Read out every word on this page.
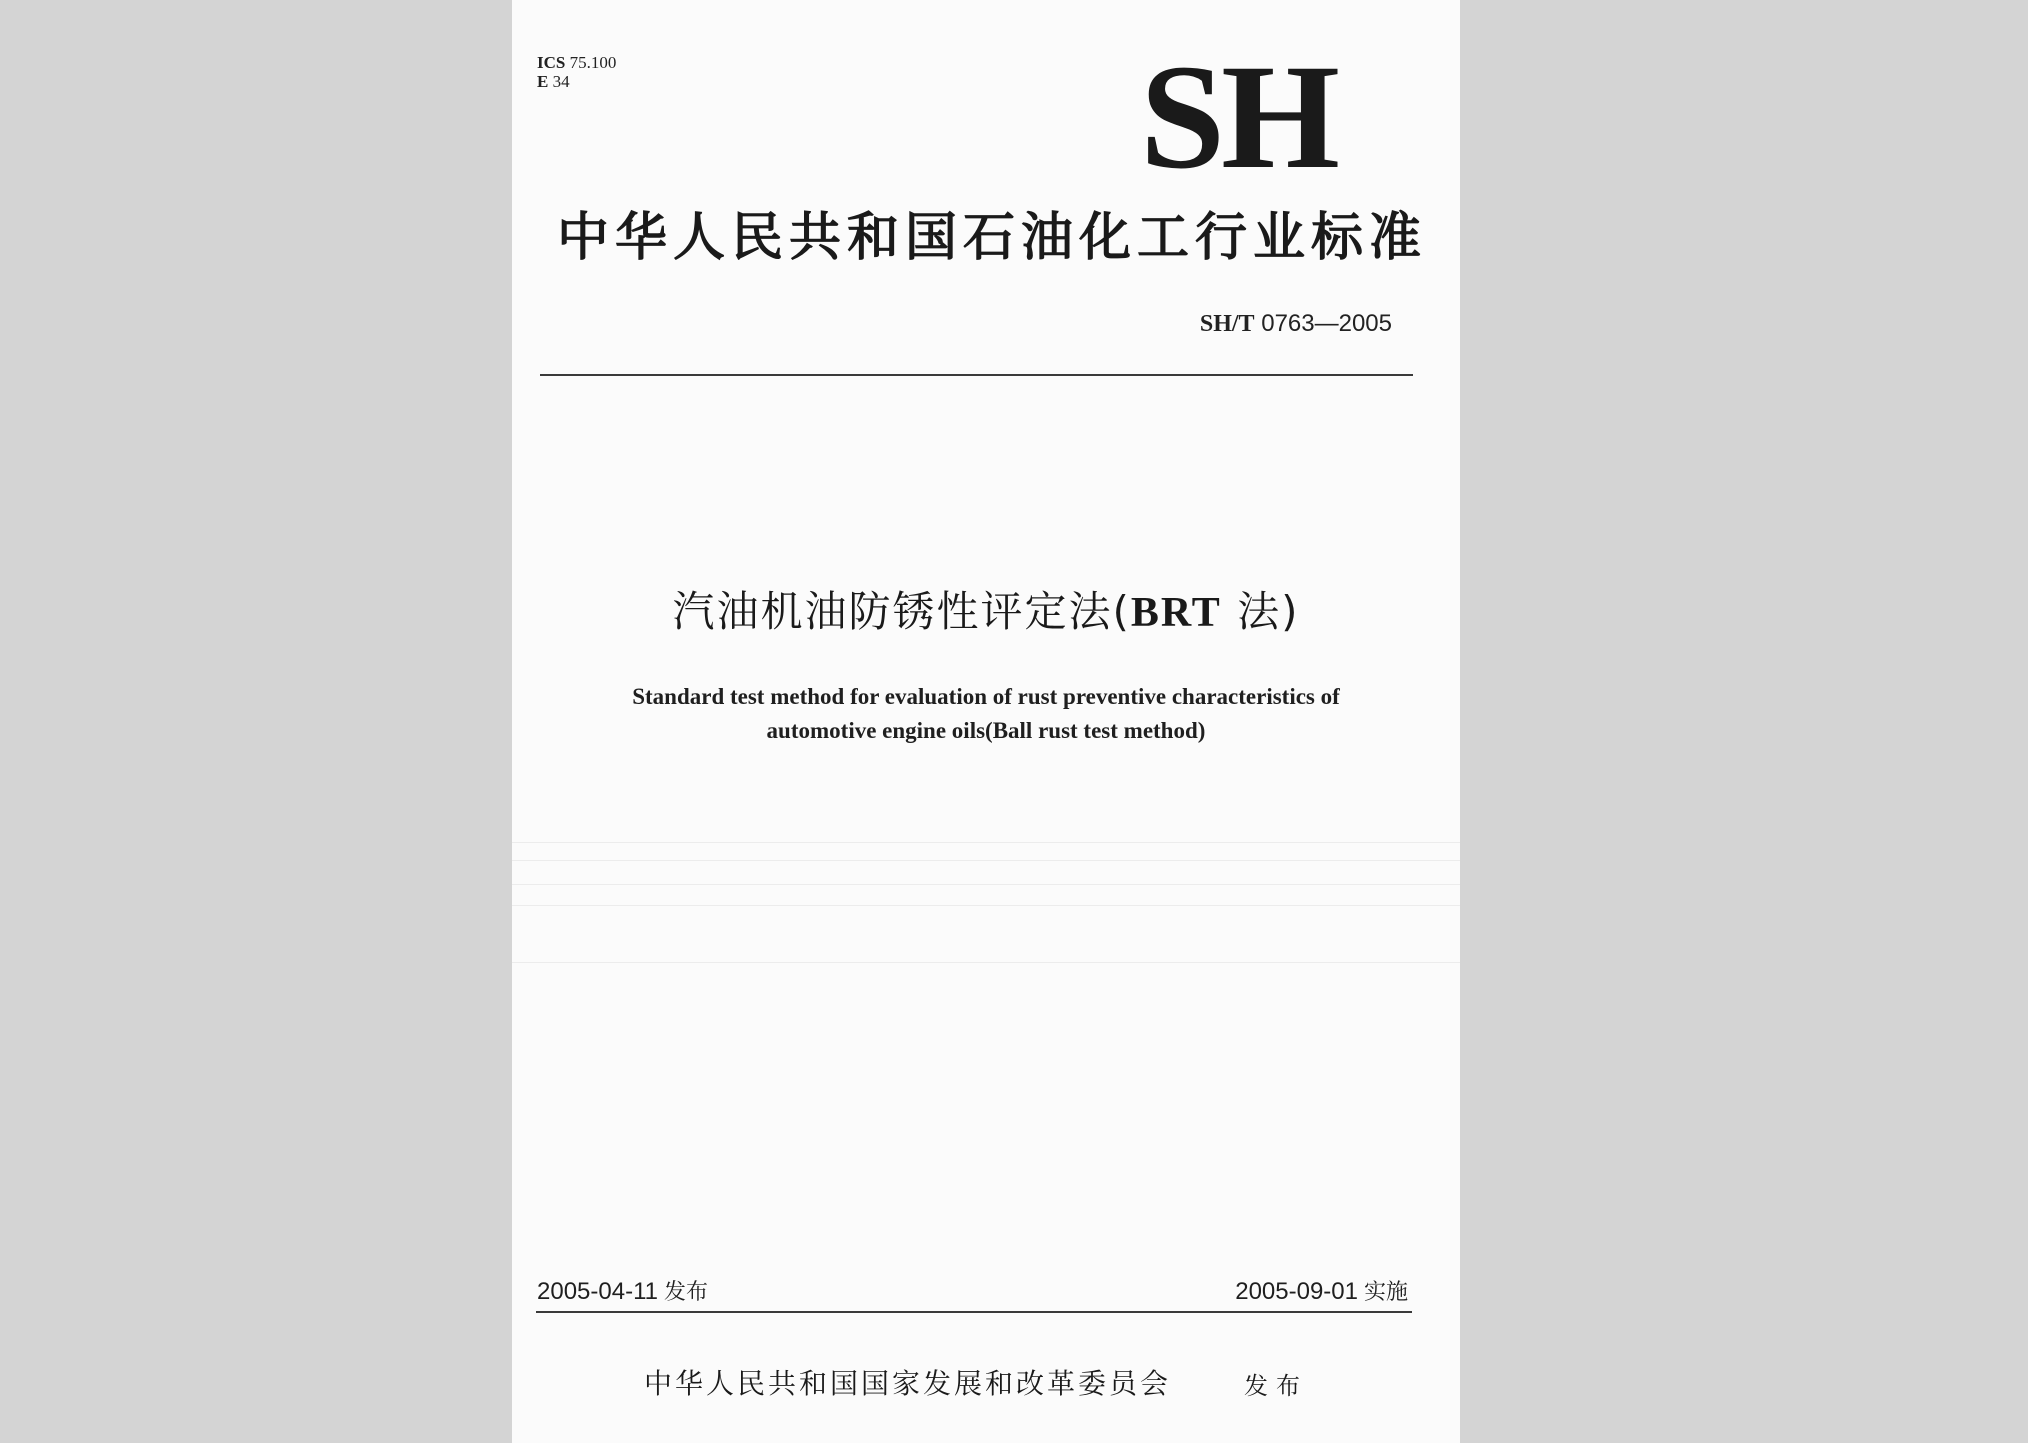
ICS 75.100
E 34	SH
中华人民共和国石油化工行业标准
SH/T 0763—2005
汽油机油防锈性评定法(BRT 法)
Standard test method for evaluation of rust preventive characteristics of
automotive engine oils(Ball rust test method)
2005-04-11 发布	2005-09-01 实施
中华人民共和国国家发展和改革委员会	发布
